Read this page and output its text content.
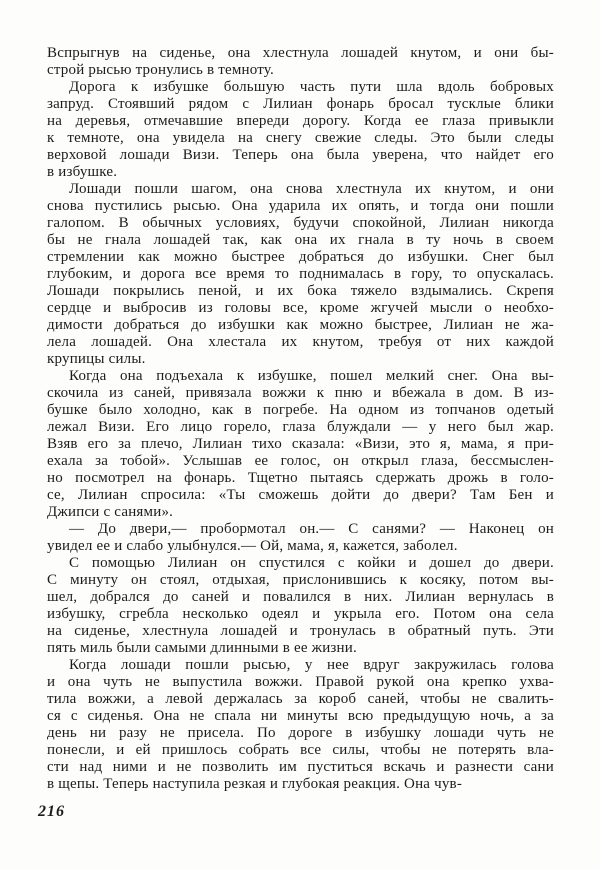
Вспрыгнув на сиденье, она хлестнула лошадей кнутом, и они бы-
строй рысью тронулись в темноту.

Дорога к избушке большую часть пути шла вдоль бобровых
запруд. Стоявший рядом с Лилиан фонарь бросал тусклые блики
на деревья, отмечавшие впереди дорогу. Когда ее глаза привыкли
к темноте, она увидела на снегу свежие следы. Это были следы
верховой лошади Визи. Теперь она была уверена, что найдет его
в избушке.

Лошади пошли шагом, она снова хлестнула их кнутом, и они
снова пустились рысью. Она ударила их опять, и тогда они пошли
галопом. В обычных условиях, будучи спокойной, Лилиан никогда
бы не гнала лошадей так, как она их гнала в ту ночь в своем
стремлении как можно быстрее добраться до избушки. Снег был
глубоким, и дорога все время то поднималась в гору, то опускалась.
Лошади покрылись пеной, и их бока тяжело вздымались. Скрепя
сердце и выбросив из головы все, кроме жгучей мысли о необхо-
димости добраться до избушки как можно быстрее, Лилиан не жа-
лела лошадей. Она хлестала их кнутом, требуя от них каждой
крупицы силы.

Когда она подъехала к избушке, пошел мелкий снег. Она вы-
скочила из саней, привязала вожжи к пню и вбежала в дом. В из-
бушке было холодно, как в погребе. На одном из топчанов одетый
лежал Визи. Его лицо горело, глаза блуждали — у него был жар.
Взяв его за плечо, Лилиан тихо сказала: «Визи, это я, мама, я при-
ехала за тобой». Услышав ее голос, он открыл глаза, бессмыслен-
но посмотрел на фонарь. Тщетно пытаясь сдержать дрожь в голо-
се, Лилиан спросила: «Ты сможешь дойти до двери? Там Бен и
Джипси с санями».

— До двери,— пробормотал он.— С санями? — Наконец он
увидел ее и слабо улыбнулся.— Ой, мама, я, кажется, заболел.

С помощью Лилиан он спустился с койки и дошел до двери.
С минуту он стоял, отдыхая, прислонившись к косяку, потом вы-
шел, добрался до саней и повалился в них. Лилиан вернулась в
избушку, сгребла несколько одеял и укрыла его. Потом она села
на сиденье, хлестнула лошадей и тронулась в обратный путь. Эти
пять миль были самыми длинными в ее жизни.

Когда лошади пошли рысью, у нее вдруг закружилась голова
и она чуть не выпустила вожжи. Правой рукой она крепко ухва-
тила вожжи, а левой держалась за короб саней, чтобы не свалить-
ся с сиденья. Она не спала ни минуты всю предыдущую ночь, а за
день ни разу не присела. По дороге в избушку лошади чуть не
понесли, и ей пришлось собрать все силы, чтобы не потерять вла-
сти над ними и не позволить им пуститься вскачь и разнести сани
в щепы. Теперь наступила резкая и глубокая реакция. Она чув-

216
